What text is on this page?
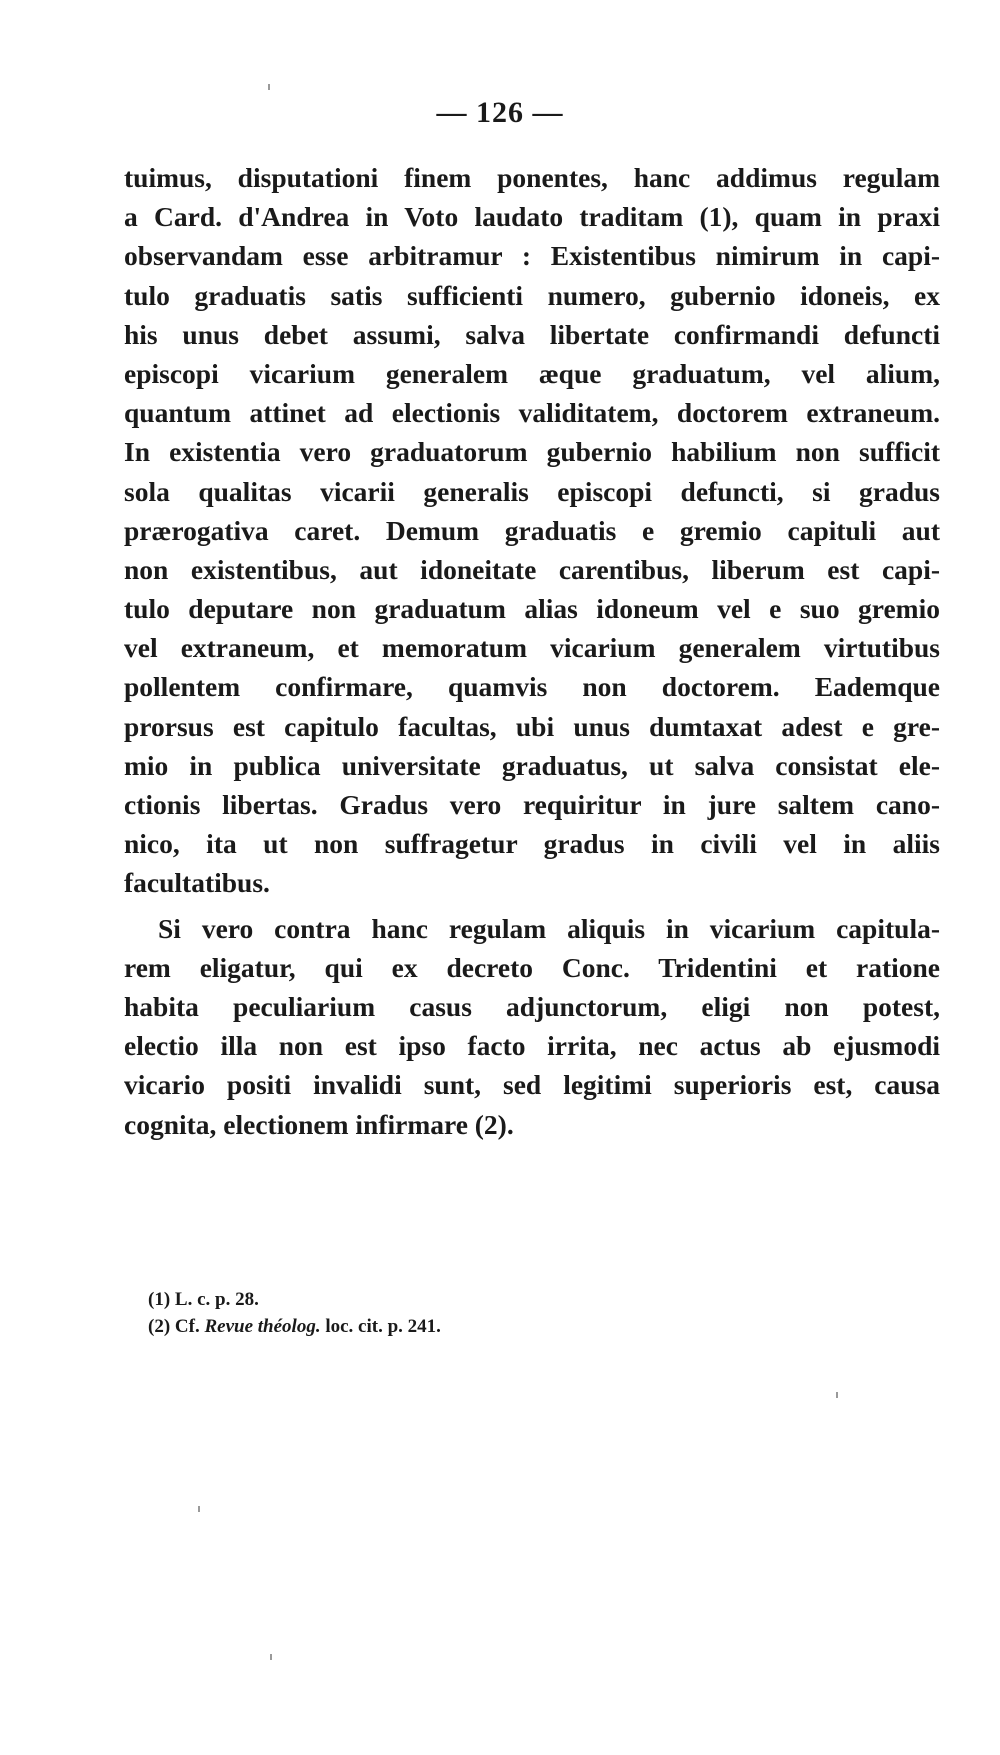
— 126 —
tuimus, disputationi finem ponentes, hanc addimus regulam
a Card. d'Andrea in Voto laudato traditam (1), quam in praxi
observandam esse arbitramur : Existentibus nimirum in capi-
tulo graduatis satis sufficienti numero, gubernio idoneis, ex
his unus debet assumi, salva libertate confirmandi defuncti
episcopi vicarium generalem æque graduatum, vel alium,
quantum attinet ad electionis validitatem, doctorem extraneum.
In existentia vero graduatorum gubernio habilium non sufficit
sola qualitas vicarii generalis episcopi defuncti, si gradus
prærogativa caret. Demum graduatis e gremio capituli aut
non existentibus, aut idoneitate carentibus, liberum est capi-
tulo deputare non graduatum alias idoneum vel e suo gremio
vel extraneum, et memoratum vicarium generalem virtutibus
pollentem confirmare, quamvis non doctorem. Eademque
prorsus est capitulo facultas, ubi unus dumtaxat adest e gre-
mio in publica universitate graduatus, ut salva consistat ele-
ctionis libertas. Gradus vero requiritur in jure saltem cano-
nico, ita ut non suffragetur gradus in civili vel in aliis
facultatibus.
Si vero contra hanc regulam aliquis in vicarium capitula-
rem eligatur, qui ex decreto Conc. Tridentini et ratione
habita peculiarium casus adjunctorum, eligi non potest,
electio illa non est ipso facto irrita, nec actus ab ejusmodi
vicario positi invalidi sunt, sed legitimi superioris est, causa
cognita, electionem infirmare (2).
(1) L. c. p. 28.
(2) Cf. Revue théolog. loc. cit. p. 241.
